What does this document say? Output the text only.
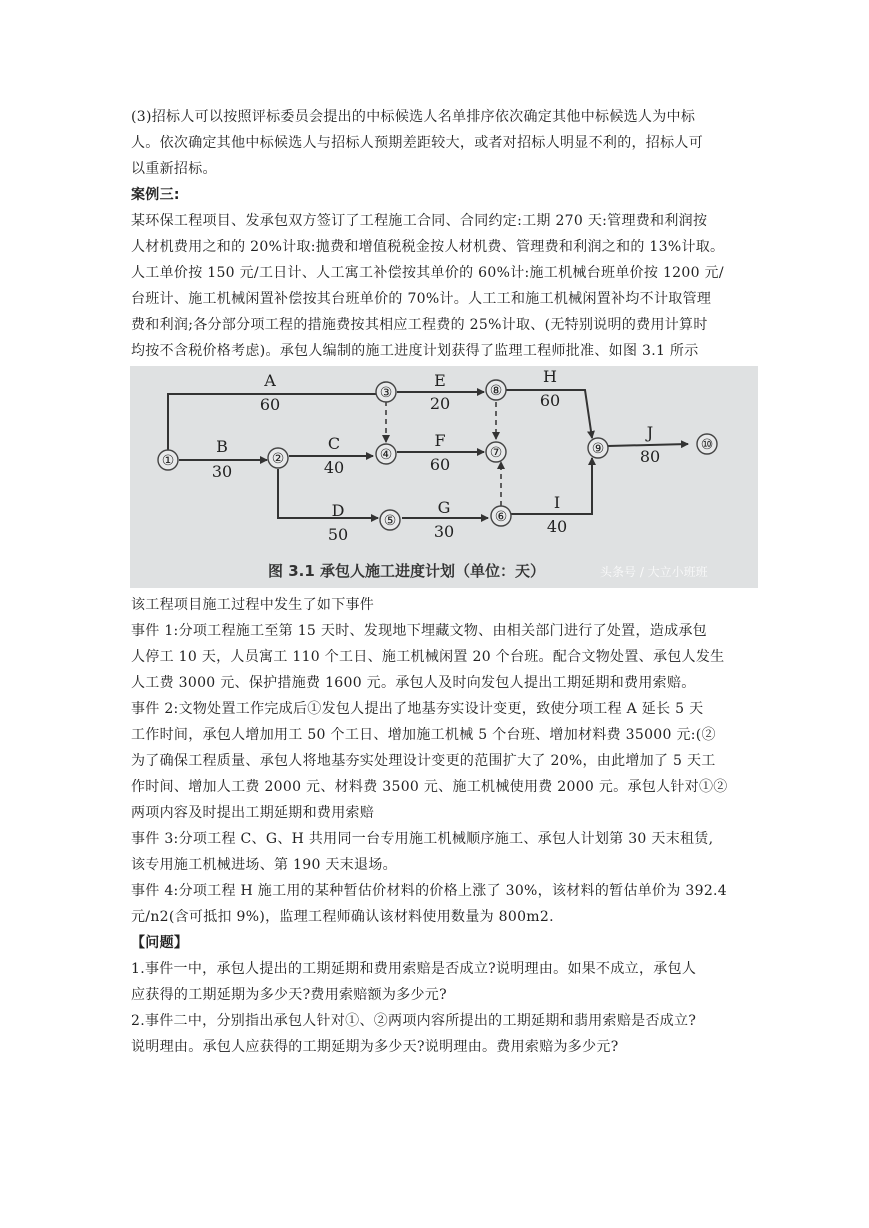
(3)招标人可以按照评标委员会提出的中标候选人名单排序依次确定其他中标候选人为中标
人。依次确定其他中标候选人与招标人预期差距较大，或者对招标人明显不利的，招标人可
以重新招标。
案例三:
某环保工程项目、发承包双方签订了工程施工合同、合同约定:工期 270 天:管理费和利润按
人材机费用之和的 20%计取:拋费和增值税税金按人材机费、管理费和利润之和的 13%计取。
人工单价按 150 元/工日计、人工寓工补偿按其单价的 60%计:施工机械台班单价按 1200 元/
台班计、施工机械闲置补偿按其台班单价的 70%计。人工工和施工机械闲置补均不计取管理
费和利润;各分部分项工程的措施费按其相应工程费的 25%计取、(无特别说明的费用计算时
均按不含税价格考虑)。承包人编制的施工进度计划获得了监理工程师批准、如图 3.1 所示
①	②
③
④
⑤	⑥
⑦
⑧
⑨	⑩
A
60
B
30
C
40
D
50
E
20
F
60
G
30
H
60
I
40
J
80
图 3.1 承包人施工进度计划（单位：天）	头条号 / 大立小班班
该工程项目施工过程中发生了如下事件
事件 1:分项工程施工至第 15 天时、发现地下埋藏文物、由相关部门进行了处置，造成承包
人停工 10 天，人员寓工 110 个工日、施工机械闲置 20 个台班。配合文物处置、承包人发生
人工费 3000 元、保护措施费 1600 元。承包人及时向发包人提出工期延期和费用索赔。
事件 2:文物处置工作完成后①发包人提出了地基夯实设计变更，致使分项工程 A 延长 5 天
工作时间，承包人增加用工 50 个工日、增加施工机械 5 个台班、增加材料费 35000 元:(②
为了确保工程质量、承包人将地基夯实处理设计变更的范围扩大了 20%，由此增加了 5 天工
作时间、增加人工费 2000 元、材料费 3500 元、施工机械使用费 2000 元。承包人针对①②
两项内容及时提出工期延期和费用索赔
事件 3:分项工程 C、G、H 共用同一台专用施工机械顺序施工、承包人计划第 30 天末租赁,
该专用施工机械进场、第 190 天末退场。
事件 4:分项工程 H 施工用的某种暂估价材料的价格上涨了 30%，该材料的暂估单价为 392.4
元/n2(含可抵扣 9%)，监理工程师确认该材料使用数量为 800m2.
【问题】
1.事件一中，承包人提出的工期延期和费用索赔是否成立?说明理由。如果不成立，承包人
应获得的工期延期为多少天?费用索赔额为多少元?
2.事件二中，分别指出承包人针对①、②两项内容所提出的工期延期和翡用索赔是否成立?
说明理由。承包人应获得的工期延期为多少天?说明理由。费用索赔为多少元?
